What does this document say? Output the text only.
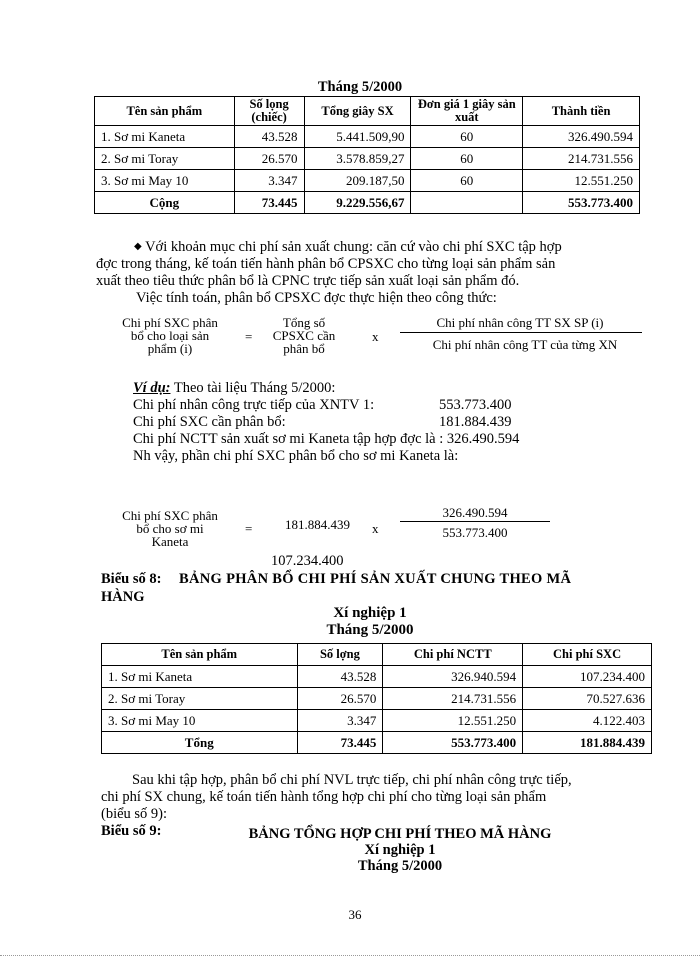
Tháng 5/2000
Tên sản phẩm	Số lọng (chiếc)	Tổng giây SX	Đơn giá 1 giây sản xuất	Thành tiền
1. Sơ mi Kaneta	43.528	5.441.509,90	60	326.490.594
2. Sơ mi Toray	26.570	3.578.859,27	60	214.731.556
3. Sơ mi May 10	3.347	209.187,50	60	12.551.250
Cộng	73.445	9.229.556,67		553.773.400
◆ Với khoản mục chi phí sản xuất chung: căn cứ vào chi phí SXC tập hợp
đợc trong tháng, kế toán tiến hành phân bổ CPSXC cho từng loại sản phẩm sản
xuất theo tiêu thức phân bổ là CPNC trực tiếp sản xuất loại sản phẩm đó.
Việc tính toán, phân bổ CPSXC đợc thực hiện theo công thức:
Chi phí SXC phân
bổ cho loại sản
phẩm (i)
=
Tổng số
CPSXC cần
phân bổ
x
Chi phí nhân công TT SX SP (i)
Chi phí nhân công TT của từng XN
Ví dụ: Theo tài liệu Tháng 5/2000:
Chi phí nhân công trực tiếp của XNTV 1:	553.773.400
Chi phí SXC cần phân bổ:	181.884.439
Chi phí NCTT sản xuất sơ mi Kaneta tập hợp đợc là : 326.490.594
Nh vậy, phần chi phí SXC phân bổ cho sơ mi Kaneta là:
Chi phí SXC phân
bổ cho sơ mi
Kaneta
=	181.884.439 x
326.490.594
553.773.400
107.234.400
Biểu số 8: BẢNG PHÂN BỔ CHI PHÍ SẢN XUẤT CHUNG THEO MÃ
HÀNG
Xí nghiệp 1
Tháng 5/2000
Tên sản phẩm	Số lợng	Chi phí NCTT	Chi phí SXC
1. Sơ mi Kaneta	43.528	326.940.594	107.234.400
2. Sơ mi Toray	26.570	214.731.556	70.527.636
3. Sơ mi May 10	3.347	12.551.250	4.122.403
Tổng	73.445	553.773.400	181.884.439
Sau khi tập hợp, phân bổ chi phí NVL trực tiếp, chi phí nhân công trực tiếp,
chi phí SX chung, kế toán tiến hành tổng hợp chi phí cho từng loại sản phẩm
(biểu số 9):
Biểu số 9:	BẢNG TỔNG HỢP CHI PHÍ THEO MÃ HÀNG
Xí nghiệp 1
Tháng 5/2000
36
